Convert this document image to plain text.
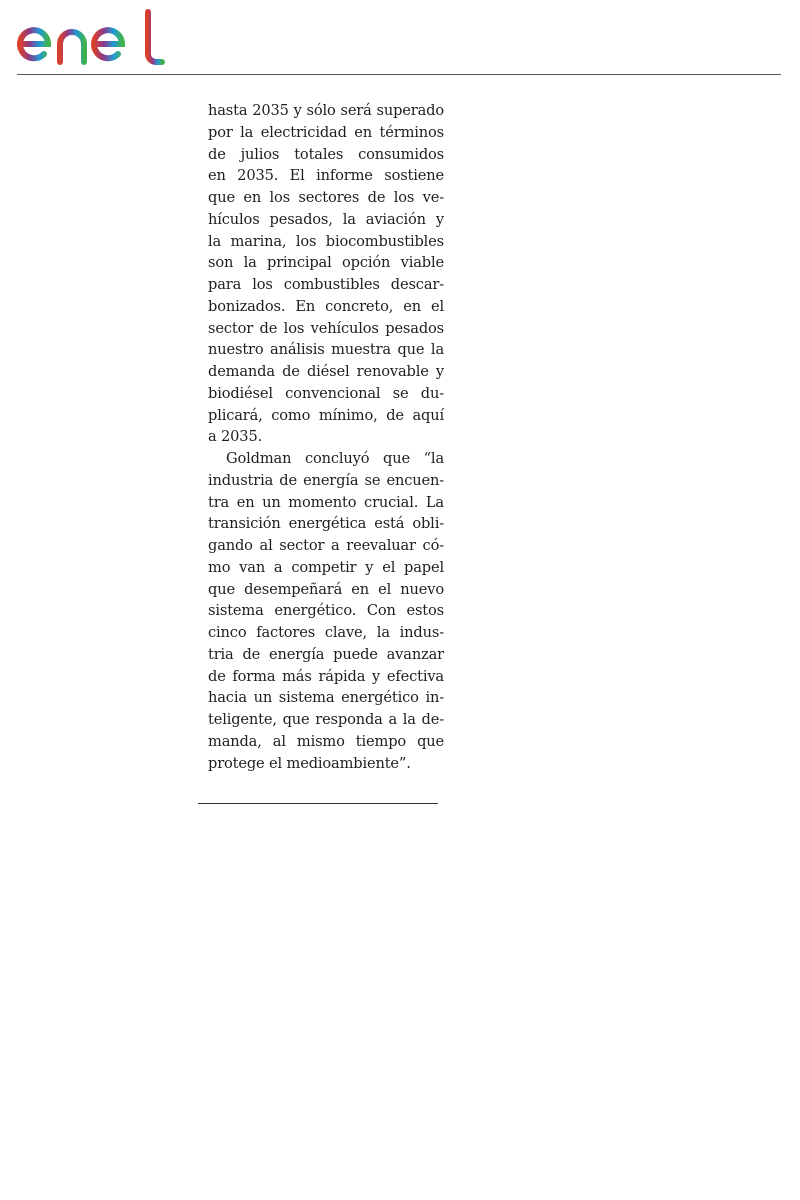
hasta 2035 y sólo será superado
por la electricidad en términos
de julios totales consumidos
en 2035. El informe sostiene
que en los sectores de los ve-
hículos pesados, la aviación y
la marina, los biocombustibles
son la principal opción viable
para los combustibles descar-
bonizados. En concreto, en el
sector de los vehículos pesados
nuestro análisis muestra que la
demanda de diésel renovable y
biodiésel convencional se du-
plicará, como mínimo, de aquí
a 2035.

Goldman concluyó que “la
industria de energía se encuen-
tra en un momento crucial. La
transición energética está obli-
gando al sector a reevaluar có-
mo van a competir y el papel
que desempeñará en el nuevo
sistema energético. Con estos
cinco factores clave, la indus-
tria de energía puede avanzar
de forma más rápida y efectiva
hacia un sistema energético in-
teligente, que responda a la de-
manda, al mismo tiempo que
protege el medioambiente”.
